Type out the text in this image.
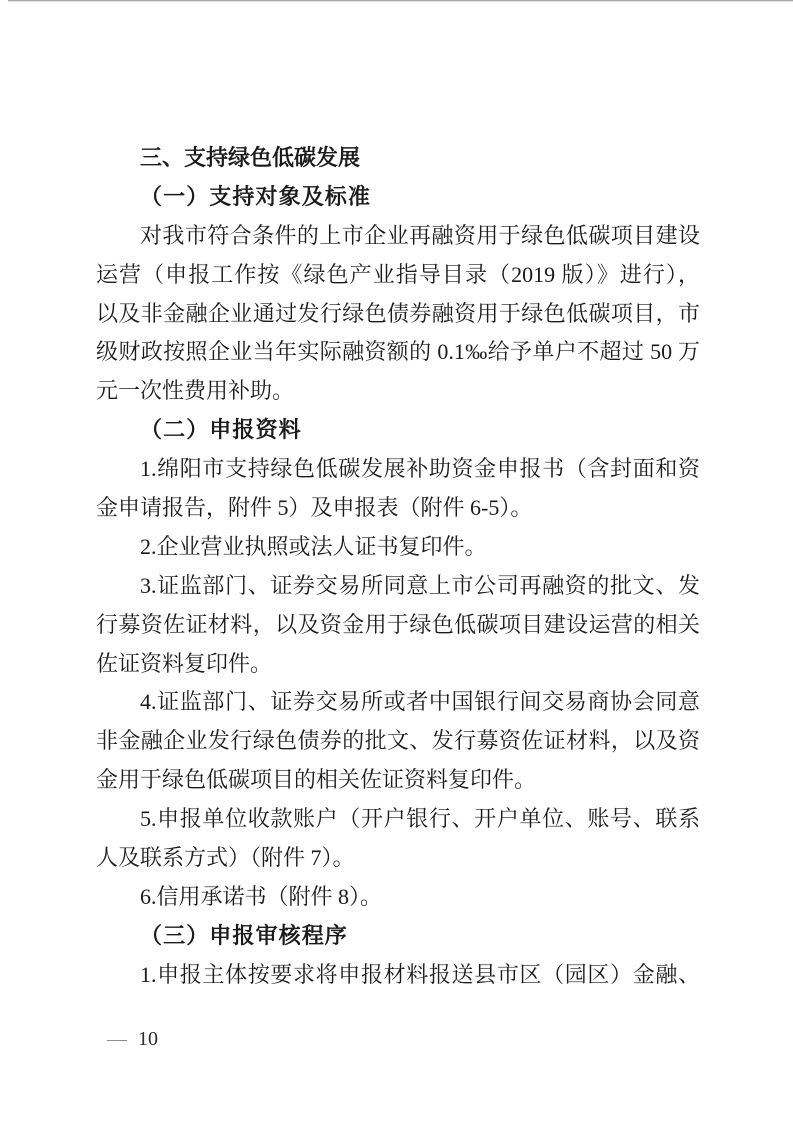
三、支持绿色低碳发展
（一）支持对象及标准
对我市符合条件的上市企业再融资用于绿色低碳项目建设
运营（申报工作按《绿色产业指导目录（2019 版）》进行），
以及非金融企业通过发行绿色债券融资用于绿色低碳项目，市
级财政按照企业当年实际融资额的 0.1‰给予单户不超过 50 万
元一次性费用补助。
（二）申报资料
1.绵阳市支持绿色低碳发展补助资金申报书（含封面和资
金申请报告，附件 5）及申报表（附件 6-5）。
2.企业营业执照或法人证书复印件。
3.证监部门、证券交易所同意上市公司再融资的批文、发
行募资佐证材料，以及资金用于绿色低碳项目建设运营的相关
佐证资料复印件。
4.证监部门、证券交易所或者中国银行间交易商协会同意
非金融企业发行绿色债券的批文、发行募资佐证材料，以及资
金用于绿色低碳项目的相关佐证资料复印件。
5.申报单位收款账户（开户银行、开户单位、账号、联系
人及联系方式）（附件 7）。
6.信用承诺书（附件 8）。
（三）申报审核程序
1.申报主体按要求将申报材料报送县市区（园区）金融、
— 10
